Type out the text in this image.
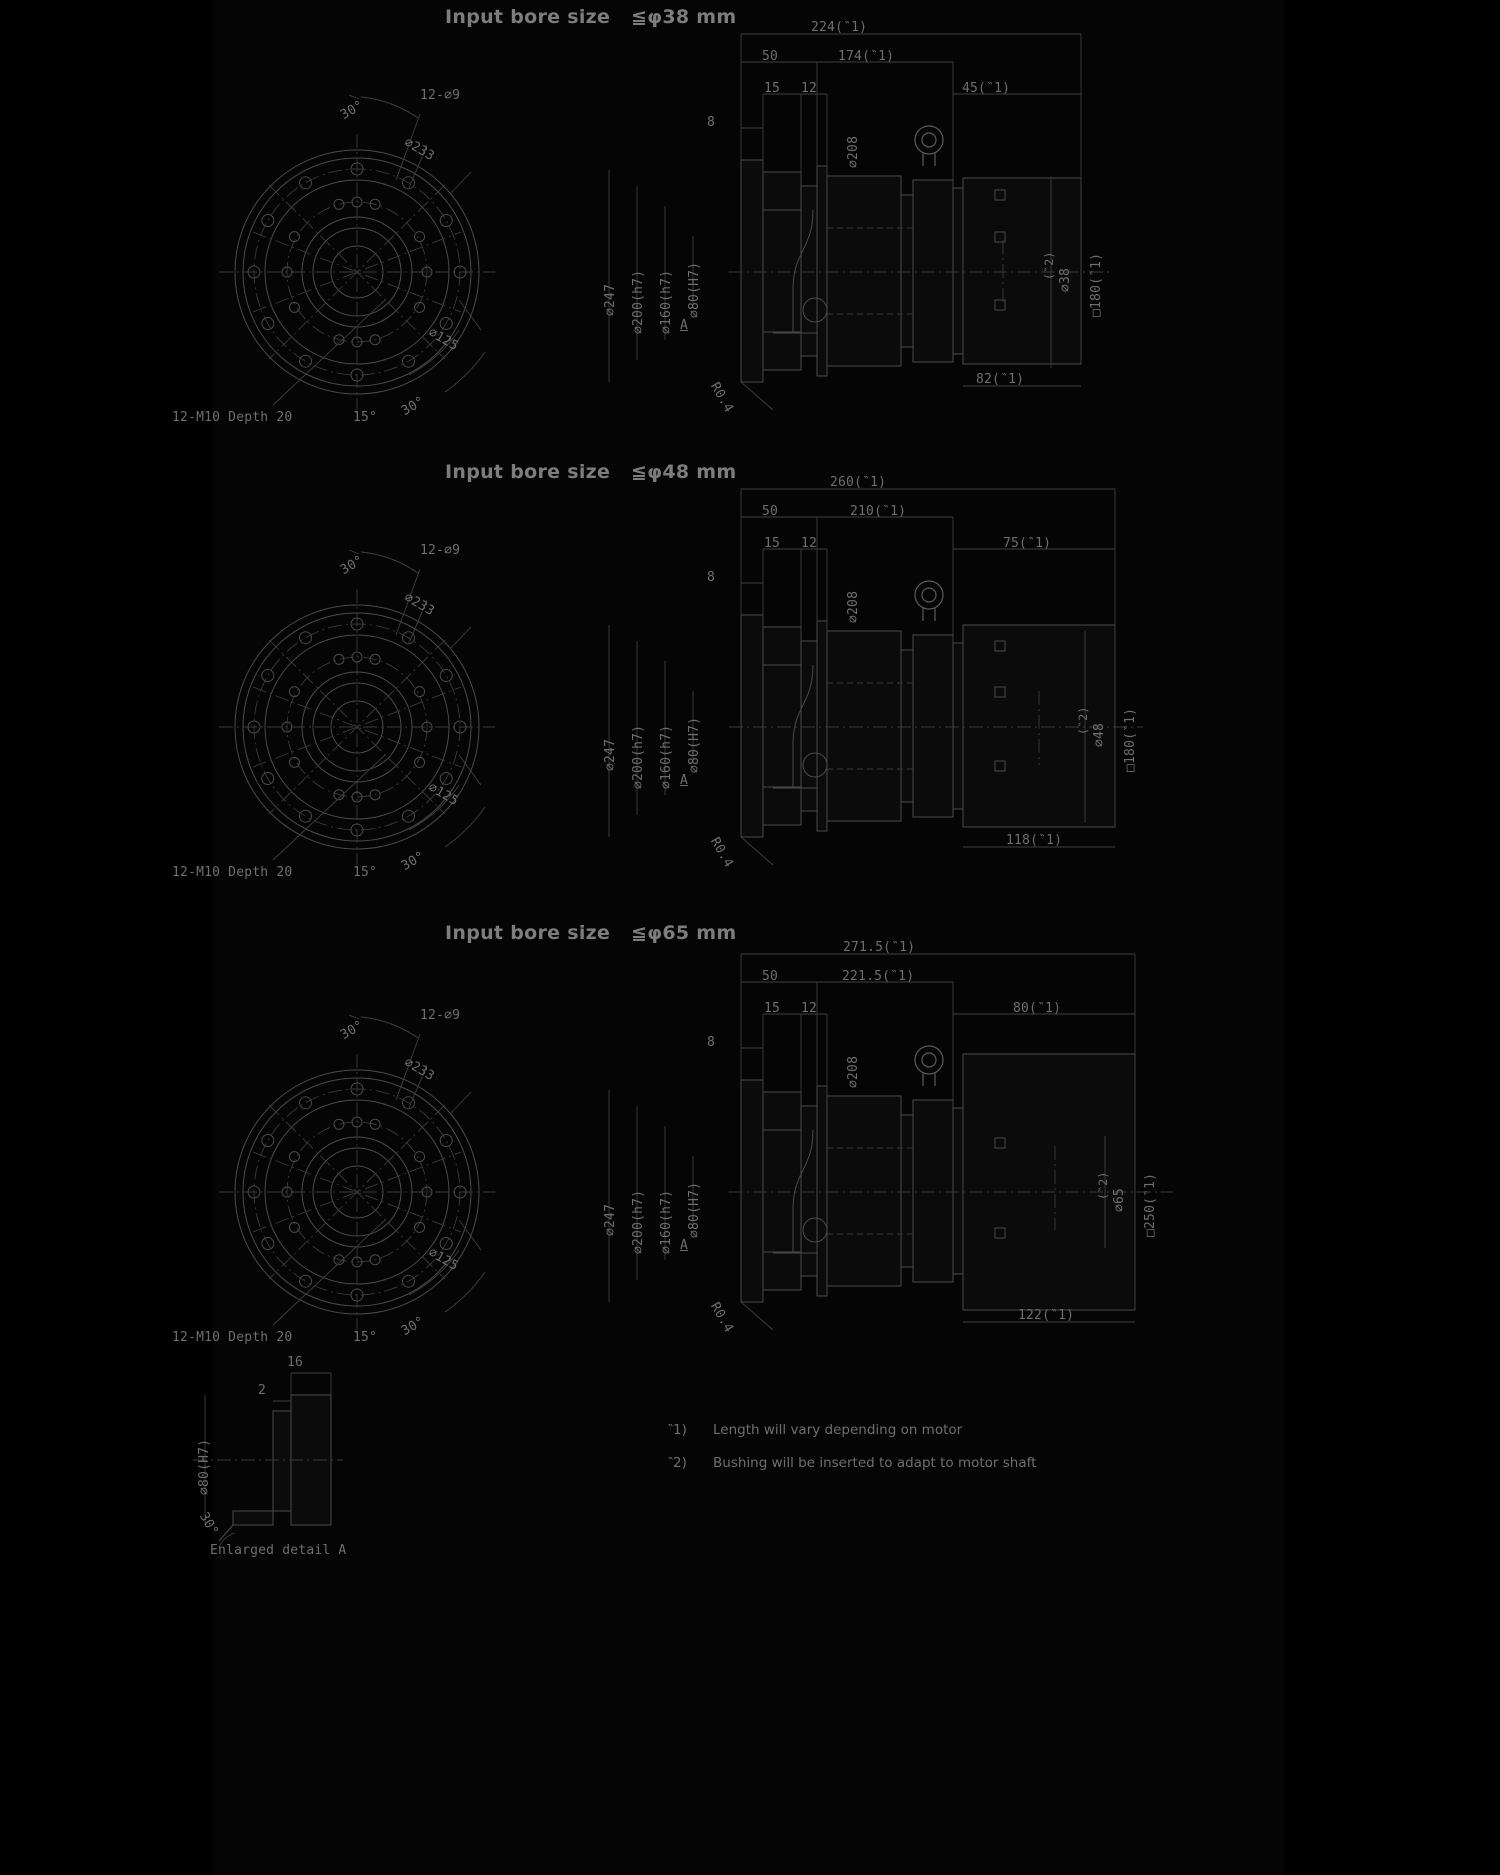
Input bore size ≦φ38 mm
30°
12-⌀9
⌀233
⌀125
30°
15°
12-M10 Depth 20
224(‶1)
50	174(‶1)
15 12	45(‶1)
8
⌀208
⌀247 ⌀200(h7) ⌀160(h7) ⌀80(H7)
A
R0.4
(‶2) ⌀38 □180(‶1)
82(‶1)
Input bore size ≦φ48 mm
30°
12-⌀9
⌀233
⌀125
30°
15°
12-M10 Depth 20
260(‶1)
50	210(‶1)
15 12	75(‶1)
8
⌀208
⌀247 ⌀200(h7) ⌀160(h7) ⌀80(H7)
A
R0.4
(‶2) ⌀48 □180(‶1)
118(‶1)
Input bore size ≦φ65 mm
30°
12-⌀9
⌀233
⌀125
30°
15°
12-M10 Depth 20
271.5(‶1)
50	221.5(‶1)
15 12	80(‶1)
8
⌀208
⌀247 ⌀200(h7) ⌀160(h7) ⌀80(H7)
A
R0.4
(‶2) ⌀65 □250(‶1)
122(‶1)
16
2
⌀80(H7)
30°
Enlarged detail A
‶1) Length will vary depending on motor
‶2) Bushing will be inserted to adapt to motor shaft
